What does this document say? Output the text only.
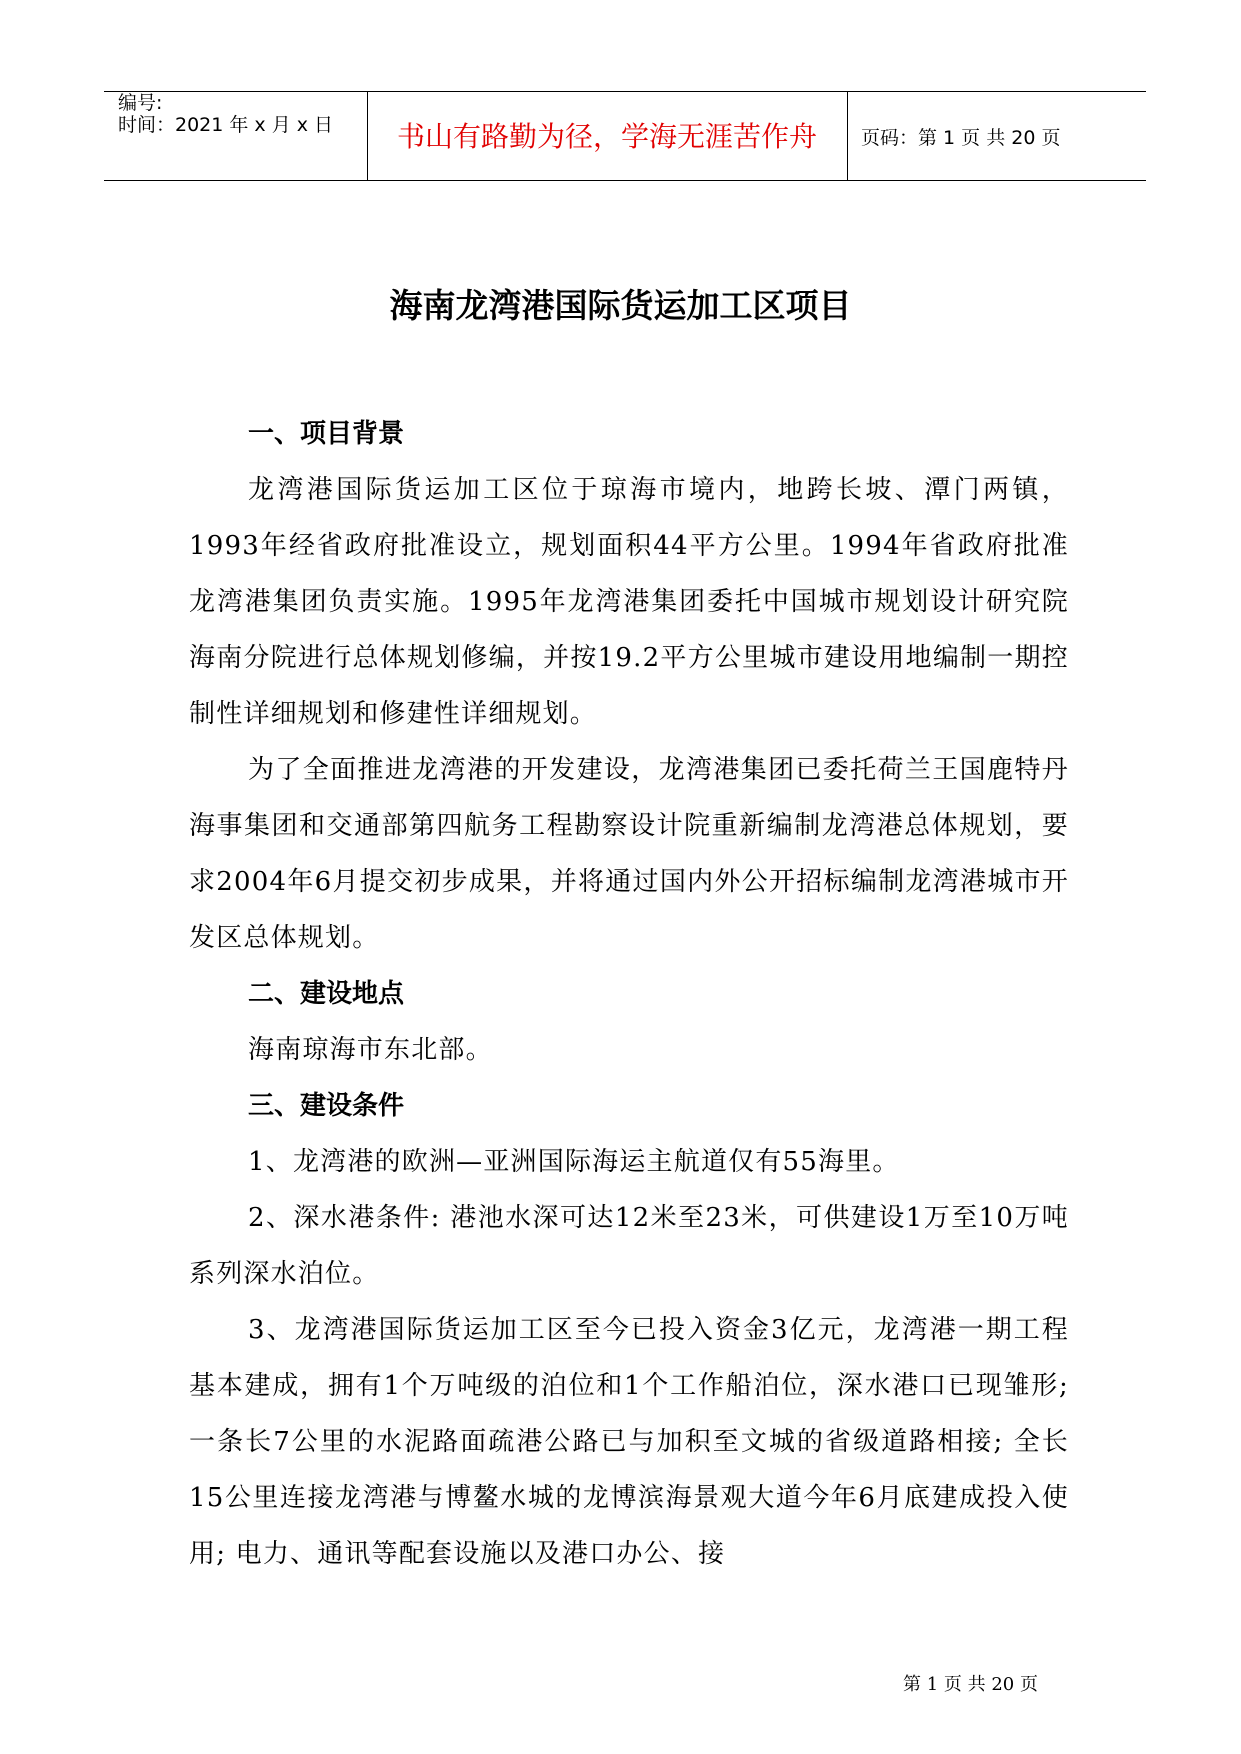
编号:
时间：2021 年 x 月 x 日	书山有路勤为径，学海无涯苦作舟	页码：第 1 页 共 20 页
海南龙湾港国际货运加工区项目
一、项目背景

龙湾港国际货运加工区位于琼海市境内，地跨长坡、潭门两镇，1993年经省政府批准设立，规划面积44平方公里。1994年省政府批准龙湾港集团负责实施。1995年龙湾港集团委托中国城市规划设计研究院海南分院进行总体规划修编，并按19.2平方公里城市建设用地编制一期控制性详细规划和修建性详细规划。

为了全面推进龙湾港的开发建设，龙湾港集团已委托荷兰王国鹿特丹海事集团和交通部第四航务工程勘察设计院重新编制龙湾港总体规划，要求2004年6月提交初步成果，并将通过国内外公开招标编制龙湾港城市开发区总体规划。

二、建设地点

海南琼海市东北部。

三、建设条件

1、龙湾港的欧洲—亚洲国际海运主航道仅有55海里。

2、深水港条件: 港池水深可达12米至23米，可供建设1万至10万吨系列深水泊位。

3、龙湾港国际货运加工区至今已投入资金3亿元，龙湾港一期工程基本建成，拥有1个万吨级的泊位和1个工作船泊位，深水港口已现雏形; 一条长7公里的水泥路面疏港公路已与加积至文城的省级道路相接; 全长15公里连接龙湾港与博鳌水城的龙博滨海景观大道今年6月底建成投入使用; 电力、通讯等配套设施以及港口办公、接

第 1 页 共 20 页
